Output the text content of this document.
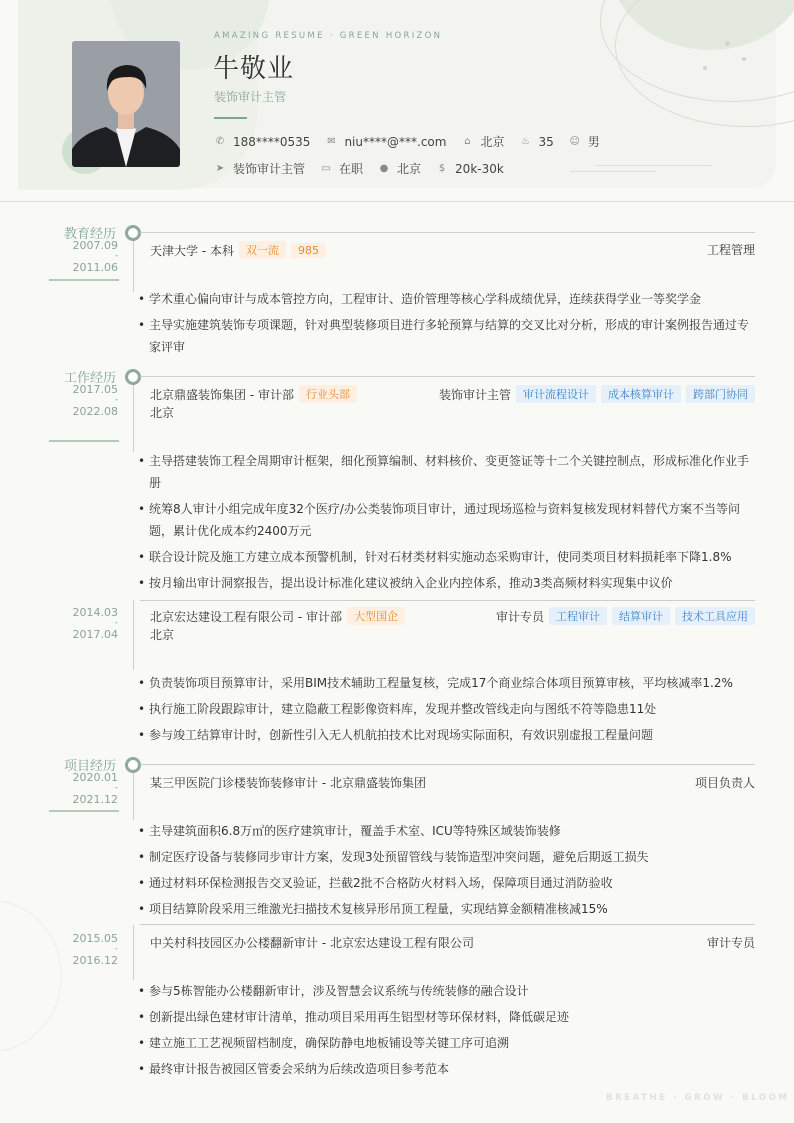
AMAZING RESUME · GREEN HORIZON
牛敬业
装饰审计主管
✆ 188****0535 ✉ niu****@***.com ⌂ 北京 ♨ 35 ☺ 男
➤ 装饰审计主管 ▭ 在职 ● 北京 $ 20k-30k
教育经历
2007.09
-
2011.06
天津大学 - 本科	双一流	985	工程管理
• 学术重心偏向审计与成本管控方向，工程审计、造价管理等核心学科成绩优异，连续获得学业一等奖学金
• 主导实施建筑装饰专项课题，针对典型装修项目进行多轮预算与结算的交叉比对分析，形成的审计案例报告通过专家评审
工作经历
2017.05
-
2022.08
北京鼎盛装饰集团 - 审计部	行业头部
北京
装饰审计主管	审计流程设计	成本核算审计	跨部门协同
• 主导搭建装饰工程全周期审计框架，细化预算编制、材料核价、变更签证等十二个关键控制点，形成标准化作业手册
• 统筹8人审计小组完成年度32个医疗/办公类装饰项目审计，通过现场巡检与资料复核发现材料替代方案不当等问题，累计优化成本约2400万元
• 联合设计院及施工方建立成本预警机制，针对石材类材料实施动态采购审计，使同类项目材料损耗率下降1.8%
• 按月输出审计洞察报告，提出设计标准化建议被纳入企业内控体系，推动3类高频材料实现集中议价
2014.03
-
2017.04
北京宏达建设工程有限公司 - 审计部	大型国企
北京
审计专员	工程审计	结算审计	技术工具应用
• 负责装饰项目预算审计，采用BIM技术辅助工程量复核，完成17个商业综合体项目预算审核，平均核减率1.2%
• 执行施工阶段跟踪审计，建立隐蔽工程影像资料库，发现并整改管线走向与图纸不符等隐患11处
• 参与竣工结算审计时，创新性引入无人机航拍技术比对现场实际面积，有效识别虚报工程量问题
项目经历
2020.01
-
2021.12
某三甲医院门诊楼装饰装修审计 - 北京鼎盛装饰集团	项目负责人
• 主导建筑面积6.8万㎡的医疗建筑审计，覆盖手术室、ICU等特殊区域装饰装修
• 制定医疗设备与装修同步审计方案，发现3处预留管线与装饰造型冲突问题，避免后期返工损失
• 通过材料环保检测报告交叉验证，拦截2批不合格防火材料入场，保障项目通过消防验收
• 项目结算阶段采用三维激光扫描技术复核异形吊顶工程量，实现结算金额精准核减15%
2015.05
-
2016.12
中关村科技园区办公楼翻新审计 - 北京宏达建设工程有限公司	审计专员
• 参与5栋智能办公楼翻新审计，涉及智慧会议系统与传统装修的融合设计
• 创新提出绿色建材审计清单，推动项目采用再生铝型材等环保材料，降低碳足迹
• 建立施工工艺视频留档制度，确保防静电地板铺设等关键工序可追溯
• 最终审计报告被园区管委会采纳为后续改造项目参考范本
BREATHE · GROW · BLOOM
